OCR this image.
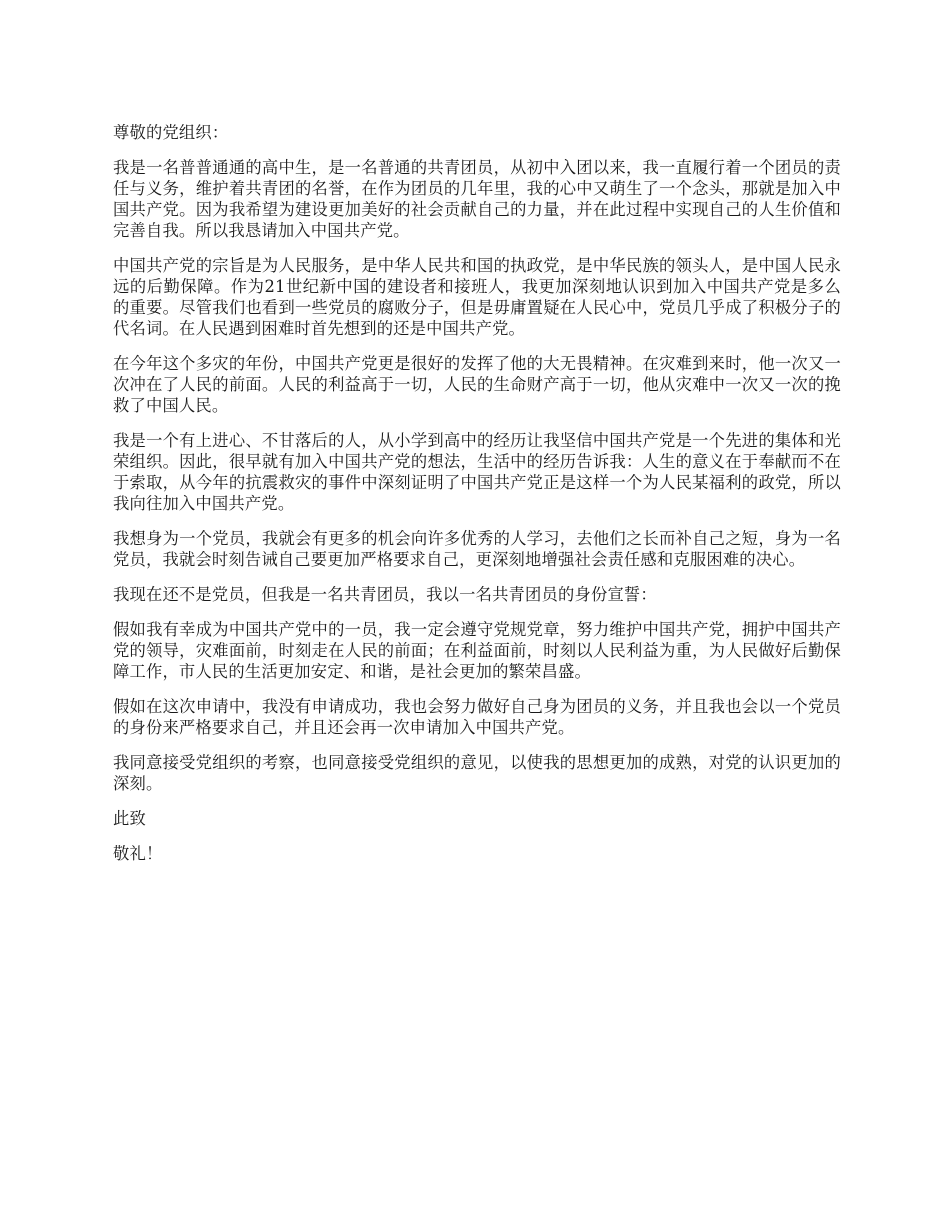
尊敬的党组织：

我是一名普普通通的高中生，是一名普通的共青团员，从初中入团以来，我一直履行着一个团员的责任与义务，维护着共青团的名誉，在作为团员的几年里，我的心中又萌生了一个念头，那就是加入中国共产党。因为我希望为建设更加美好的社会贡献自己的力量，并在此过程中实现自己的人生价值和完善自我。所以我恳请加入中国共产党。

中国共产党的宗旨是为人民服务，是中华人民共和国的执政党，是中华民族的领头人，是中国人民永远的后勤保障。作为21世纪新中国的建设者和接班人，我更加深刻地认识到加入中国共产党是多么的重要。尽管我们也看到一些党员的腐败分子，但是毋庸置疑在人民心中，党员几乎成了积极分子的代名词。在人民遇到困难时首先想到的还是中国共产党。

在今年这个多灾的年份，中国共产党更是很好的发挥了他的大无畏精神。在灾难到来时，他一次又一次冲在了人民的前面。人民的利益高于一切，人民的生命财产高于一切，他从灾难中一次又一次的挽救了中国人民。

我是一个有上进心、不甘落后的人，从小学到高中的经历让我坚信中国共产党是一个先进的集体和光荣组织。因此，很早就有加入中国共产党的想法，生活中的经历告诉我：人生的意义在于奉献而不在于索取，从今年的抗震救灾的事件中深刻证明了中国共产党正是这样一个为人民某福利的政党，所以我向往加入中国共产党。

我想身为一个党员，我就会有更多的机会向许多优秀的人学习，去他们之长而补自己之短，身为一名党员，我就会时刻告诫自己要更加严格要求自己，更深刻地增强社会责任感和克服困难的决心。

我现在还不是党员，但我是一名共青团员，我以一名共青团员的身份宣誓：

假如我有幸成为中国共产党中的一员，我一定会遵守党规党章，努力维护中国共产党，拥护中国共产党的领导，灾难面前，时刻走在人民的前面；在利益面前，时刻以人民利益为重，为人民做好后勤保障工作，市人民的生活更加安定、和谐，是社会更加的繁荣昌盛。

假如在这次申请中，我没有申请成功，我也会努力做好自己身为团员的义务，并且我也会以一个党员的身份来严格要求自己，并且还会再一次申请加入中国共产党。

我同意接受党组织的考察，也同意接受党组织的意见，以使我的思想更加的成熟，对党的认识更加的深刻。

此致

敬礼！
